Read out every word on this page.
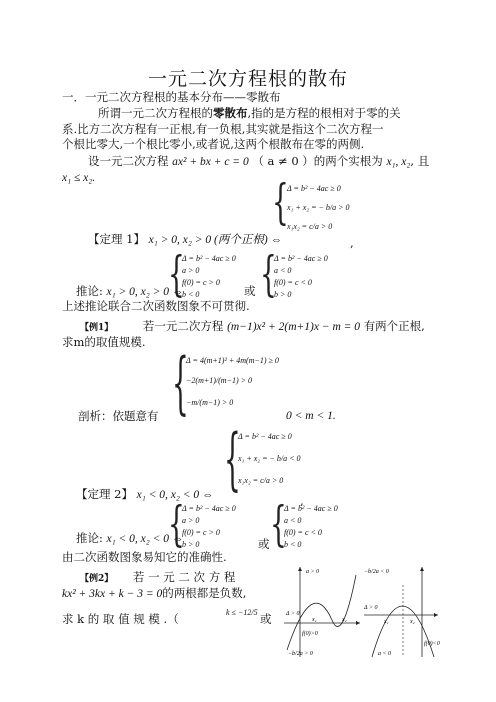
一元二次方程根的散布
一．一元二次方程根的基本分布——零散布
所谓一元二次方程根的零散布,指的是方程的根相对于零的关
系.比方二次方程有一正根,有一负根,其实就是指这个二次方程一
个根比零大,一个根比零小,或者说,这两个根散布在零的两侧.
设一元二次方程 ax² + bx + c = 0 （ a ≠ 0 ）的两个实根为 x₁, x₂, 且
x₁ ≤ x₂.	{
Δ = b² − 4ac ≥ 0
x₁ + x₂ = − b/a > 0
x₁x₂ = c/a > 0
【定理 1】 x₁ > 0, x₂ > 0 (两个正根) ⇔	,
{
Δ = b² − 4ac ≥ 0
a > 0
f(0) = c > 0
b < 0	{
Δ = b² − 4ac ≥ 0
a < 0
f(0) = c < 0
b > 0
推论: x₁ > 0, x₂ > 0 ⇔	或
上述推论联合二次函数图象不可贯彻.
【例1】	若一元二次方程 (m−1)x² + 2(m+1)x − m = 0 有两个正根,
求m的取值规模.
{
Δ = 4(m+1)² + 4m(m−1) ≥ 0
−2(m+1)/(m−1) > 0
−m/(m−1) > 0
剖析：依题意有	0 < m < 1.
{
Δ = b² − 4ac ≥ 0
x₁ + x₂ = − b/a < 0
x₁x₂ = c/a > 0
【定理 2】 x₁ < 0, x₂ < 0 ⇔	,
{
Δ = b² − 4ac ≥ 0
a > 0
f(0) = c > 0
b > 0	{
Δ = b² − 4ac ≥ 0
a < 0
f(0) = c < 0
b < 0
推论: x₁ < 0, x₂ < 0 ⇔	或
由二次函数图象易知它的准确性.
【例2】 若 一 元 二 次 方 程
kx² + 3kx + k − 3 = 0的两根都是负数,
求 k 的 取 值 规 模 .（	k ≤ −12/5 或
a > 0
Δ > 0
x₁	x₂
f(0)>0
−b/2a > 0
−b/2a < 0
Δ > 0
x₁	x₂
f(0)<0
a < 0
